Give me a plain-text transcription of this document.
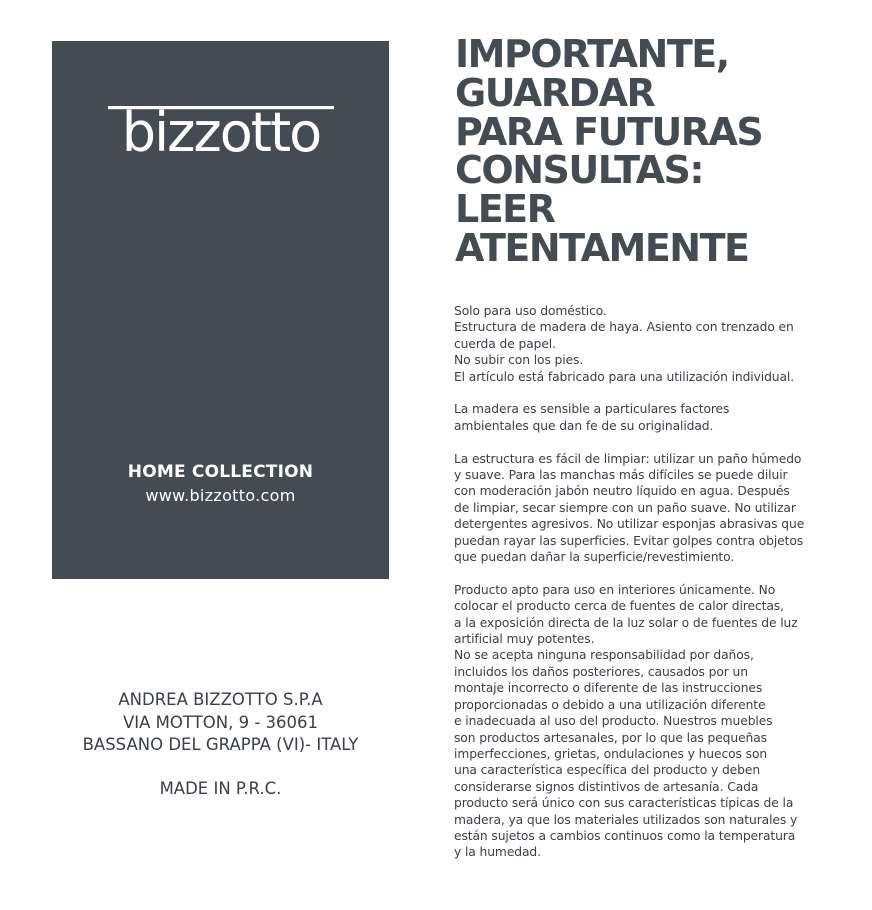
bizzotto
HOME COLLECTION
www.bizzotto.com
ANDREA BIZZOTTO S.P.A
VIA MOTTON, 9 - 36061
BASSANO DEL GRAPPA (VI)- ITALY
MADE IN P.R.C.
IMPORTANTE,
GUARDAR
PARA FUTURAS
CONSULTAS:
LEER
ATENTAMENTE
Solo para uso doméstico.
Estructura de madera de haya. Asiento con trenzado en
cuerda de papel.
No subir con los pies.
El artículo está fabricado para una utilización individual.
La madera es sensible a particulares factores
ambientales que dan fe de su originalidad.
La estructura es fácil de limpiar: utilizar un paño húmedo
y suave. Para las manchas más difíciles se puede diluir
con moderación jabón neutro líquido en agua. Después
de limpiar, secar siempre con un paño suave. No utilizar
detergentes agresivos. No utilizar esponjas abrasivas que
puedan rayar las superficies. Evitar golpes contra objetos
que puedan dañar la superficie/revestimiento.
Producto apto para uso en interiores únicamente. No
colocar el producto cerca de fuentes de calor directas,
a la exposición directa de la luz solar o de fuentes de luz
artificial muy potentes.
No se acepta ninguna responsabilidad por daños,
incluidos los daños posteriores, causados por un
montaje incorrecto o diferente de las instrucciones
proporcionadas o debido a una utilización diferente
e inadecuada al uso del producto. Nuestros muebles
son productos artesanales, por lo que las pequeñas
imperfecciones, grietas, ondulaciones y huecos son
una característica específica del producto y deben
considerarse signos distintivos de artesanía. Cada
producto será único con sus características típicas de la
madera, ya que los materiales utilizados son naturales y
están sujetos a cambios continuos como la temperatura
y la humedad.
